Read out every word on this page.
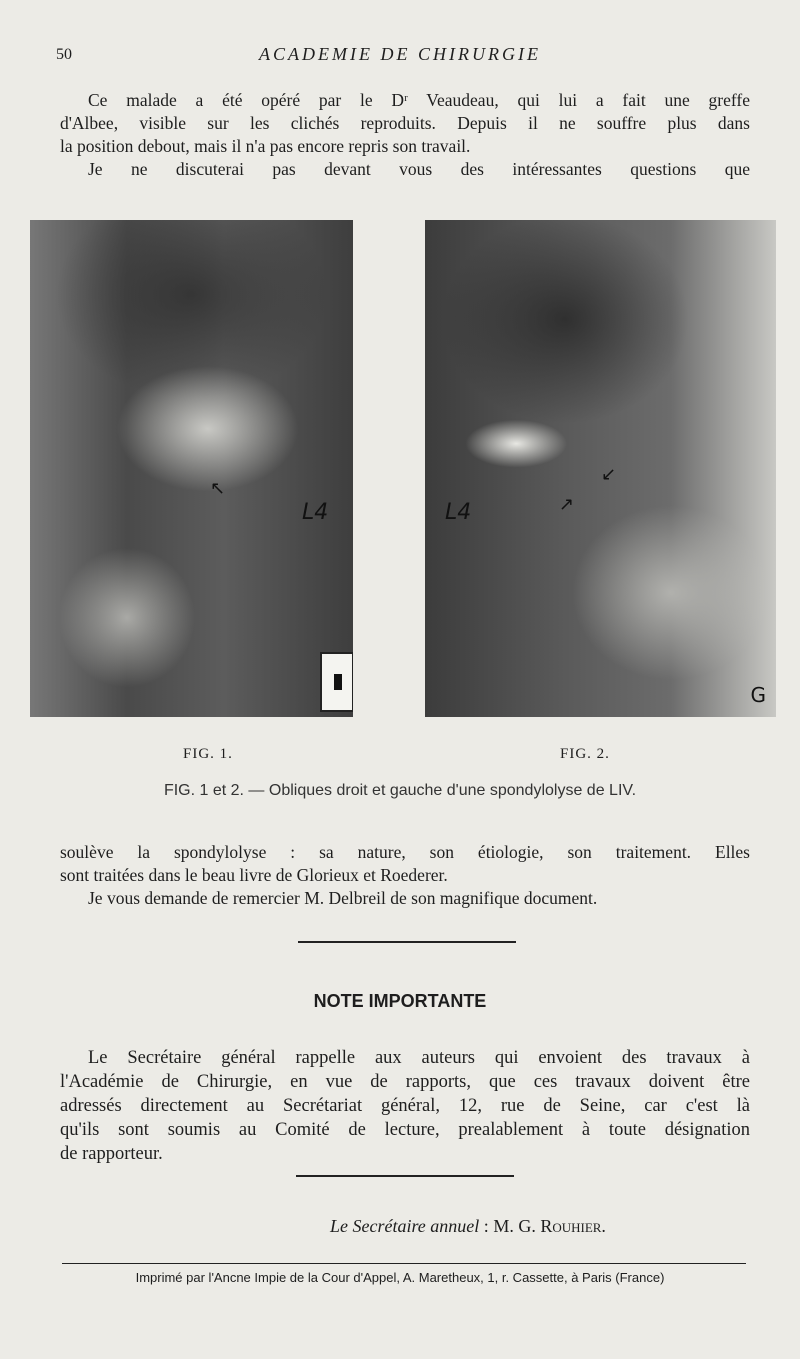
50	ACADEMIE DE CHIRURGIE
Ce malade a été opéré par le Dʳ Veaudeau, qui lui a fait une greffe
d'Albee, visible sur les clichés reproduits. Depuis il ne souffre plus dans
la position debout, mais il n'a pas encore repris son travail.
Je ne discuterai pas devant vous des intéressantes questions que
↖
L4
↙
↗
L4
G
FIG. 1.	FIG. 2.
FIG. 1 et 2. — Obliques droit et gauche d'une spondylolyse de LIV.
soulève la spondylolyse : sa nature, son étiologie, son traitement. Elles
sont traitées dans le beau livre de Glorieux et Roederer.
Je vous demande de remercier M. Delbreil de son magnifique document.
NOTE IMPORTANTE
Le Secrétaire général rappelle aux auteurs qui envoient des travaux à
l'Académie de Chirurgie, en vue de rapports, que ces travaux doivent être
adressés directement au Secrétariat général, 12, rue de Seine, car c'est là
qu'ils sont soumis au Comité de lecture, prealablement à toute désignation
de rapporteur.
Le Secrétaire annuel : M. G. Rouhier.
Imprimé par l'Ancne Impie de la Cour d'Appel, A. Maretheux, 1, r. Cassette, à Paris (France)
